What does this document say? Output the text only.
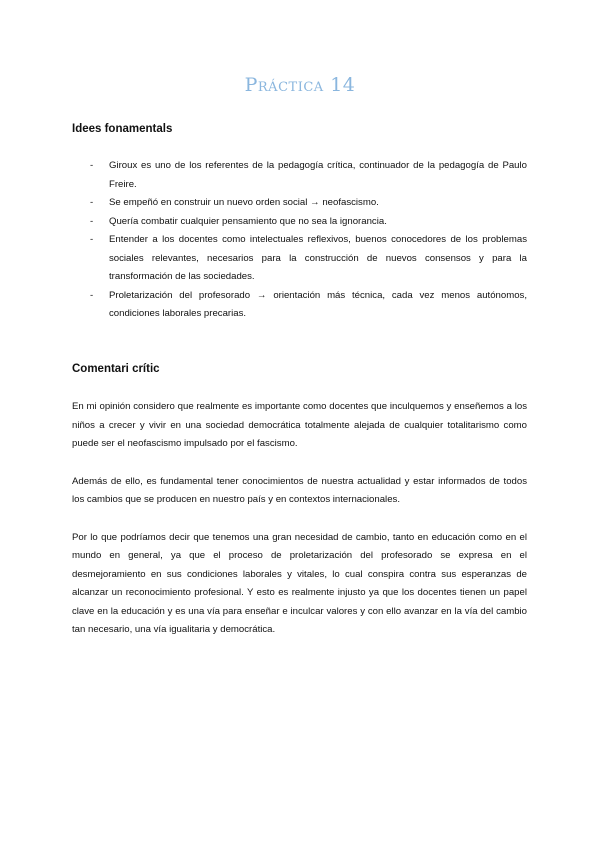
Práctica 14
Idees fonamentals
- Giroux es uno de los referentes de la pedagogía crítica, continuador de la pedagogía de Paulo Freire.
- Se empeñó en construir un nuevo orden social → neofascismo.
- Quería combatir cualquier pensamiento que no sea la ignorancia.
- Entender a los docentes como intelectuales reflexivos, buenos conocedores de los problemas sociales relevantes, necesarios para la construcción de nuevos consensos y para la transformación de las sociedades.
- Proletarización del profesorado → orientación más técnica, cada vez menos autónomos, condiciones laborales precarias.
Comentari crític

En mi opinión considero que realmente es importante como docentes que inculquemos y enseñemos a los niños a crecer y vivir en una sociedad democrática totalmente alejada de cualquier totalitarismo como puede ser el neofascismo impulsado por el fascismo.

Además de ello, es fundamental tener conocimientos de nuestra actualidad y estar informados de todos los cambios que se producen en nuestro país y en contextos internacionales.

Por lo que podríamos decir que tenemos una gran necesidad de cambio, tanto en educación como en el mundo en general, ya que el proceso de proletarización del profesorado se expresa en el desmejoramiento en sus condiciones laborales y vitales, lo cual conspira contra sus esperanzas de alcanzar un reconocimiento profesional. Y esto es realmente injusto ya que los docentes tienen un papel clave en la educación y es una vía para enseñar e inculcar valores y con ello avanzar en la vía del cambio tan necesario, una vía igualitaria y democrática.
